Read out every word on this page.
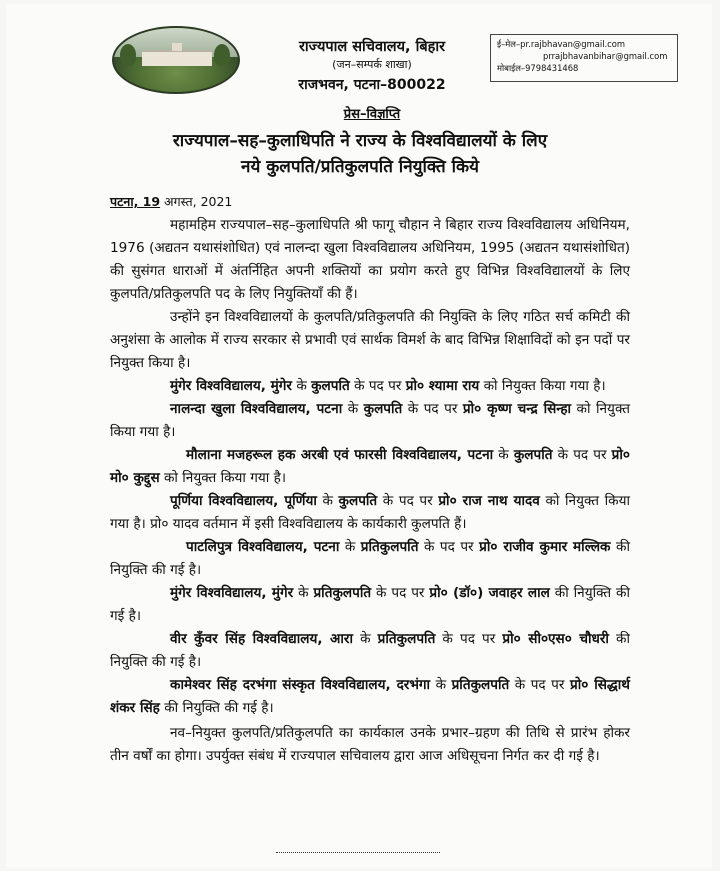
राज्यपाल सचिवालय, बिहार
(जन–सम्पर्क शाखा)
राजभवन, पटना–800022
ई–मेल–pr.rajbhavan@gmail.com
prrajbhavanbihar@gmail.com
मोबाईल–9798431468
प्रेस–विज्ञप्ति
राज्यपाल–सह–कुलाधिपति ने राज्य के विश्वविद्यालयों के लिए
नये कुलपति/प्रतिकुलपति नियुक्ति किये
पटना, 19 अगस्त, 2021

महामहिम राज्यपाल–सह–कुलाधिपति श्री फागू चौहान ने बिहार राज्य विश्वविद्यालय अधिनियम, 1976 (अद्यतन यथासंशोधित) एवं नालन्दा खुला विश्वविद्यालय अधिनियम, 1995 (अद्यतन यथासंशोधित) की सुसंगत धाराओं में अंतर्निहित अपनी शक्तियों का प्रयोग करते हुए विभिन्न विश्वविद्यालयों के लिए कुलपति/प्रतिकुलपति पद के लिए नियुक्तियाँ की हैं।

उन्होंने इन विश्वविद्यालयों के कुलपति/प्रतिकुलपति की नियुक्ति के लिए गठित सर्च कमिटी की अनुशंसा के आलोक में राज्य सरकार से प्रभावी एवं सार्थक विमर्श के बाद विभिन्न शिक्षाविदों को इन पदों पर नियुक्त किया है।

मुंगेर विश्वविद्यालय, मुंगेर के कुलपति के पद पर प्रो० श्यामा राय को नियुक्त किया गया है।

नालन्दा खुला विश्वविद्यालय, पटना के कुलपति के पद पर प्रो० कृष्ण चन्द्र सिन्हा को नियुक्त किया गया है।

मौलाना मजहरूल हक अरबी एवं फारसी विश्वविद्यालय, पटना के कुलपति के पद पर प्रो० मो० कुद्दुस को नियुक्त किया गया है।

पूर्णिया विश्वविद्यालय, पूर्णिया के कुलपति के पद पर प्रो० राज नाथ यादव को नियुक्त किया गया है। प्रो० यादव वर्तमान में इसी विश्वविद्यालय के कार्यकारी कुलपति हैं।

पाटलिपुत्र विश्वविद्यालय, पटना के प्रतिकुलपति के पद पर प्रो० राजीव कुमार मल्लिक की नियुक्ति की गई है।

मुंगेर विश्वविद्यालय, मुंगेर के प्रतिकुलपति के पद पर प्रो० (डॉ०) जवाहर लाल की नियुक्ति की गई है।

वीर कुँवर सिंह विश्वविद्यालय, आरा के प्रतिकुलपति के पद पर प्रो० सी०एस० चौधरी की नियुक्ति की गई है।

कामेश्वर सिंह दरभंगा संस्कृत विश्वविद्यालय, दरभंगा के प्रतिकुलपति के पद पर प्रो० सिद्धार्थ शंकर सिंह की नियुक्ति की गई है।

नव–नियुक्त कुलपति/प्रतिकुलपति का कार्यकाल उनके प्रभार–ग्रहण की तिथि से प्रारंभ होकर तीन वर्षों का होगा। उपर्युक्त संबंध में राज्यपाल सचिवालय द्वारा आज अधिसूचना निर्गत कर दी गई है।
